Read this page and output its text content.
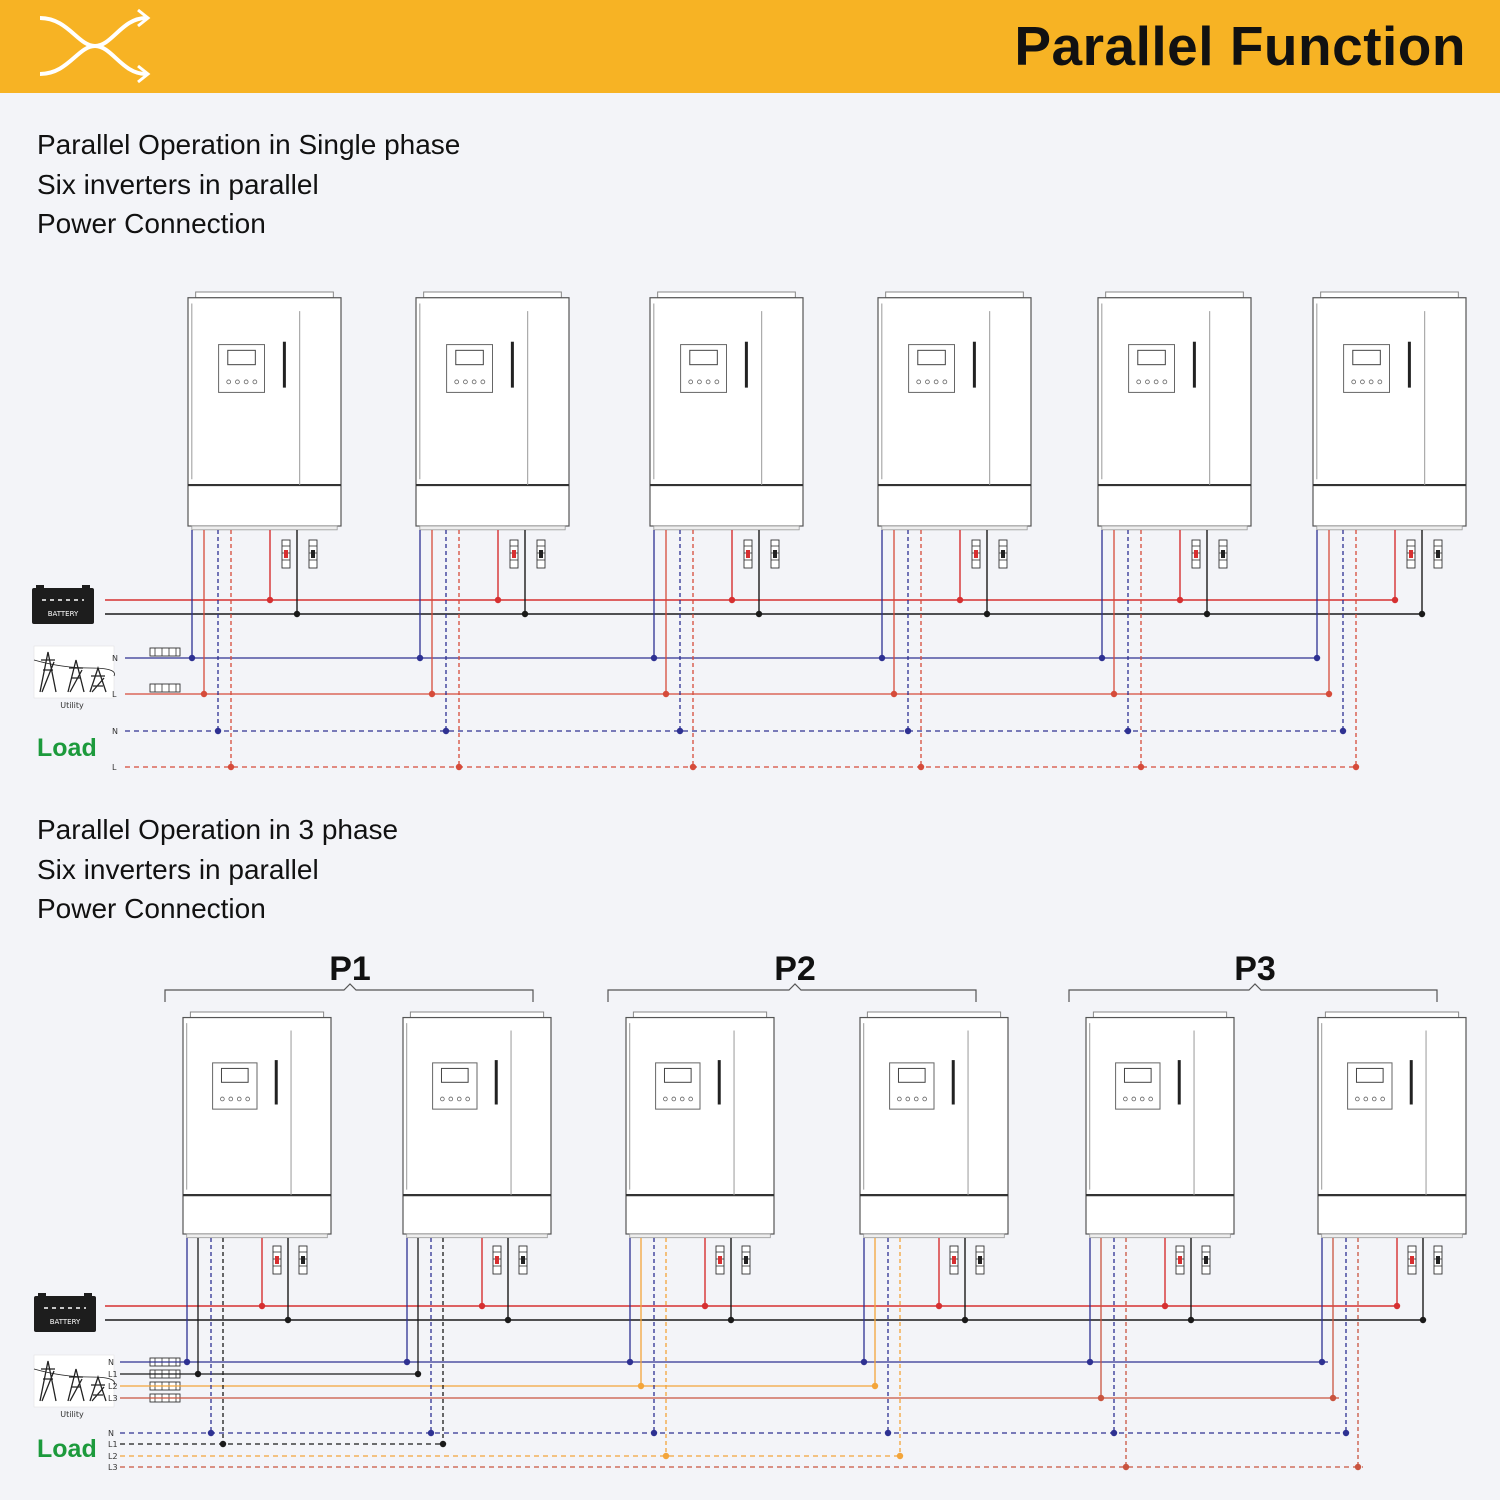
Parallel Function
Parallel Operation in Single phase
Six inverters in parallel
Power Connection
Parallel Operation in 3 phase
Six inverters in parallel
Power Connection
BATTERY
Utility
Load
N
L
N
L
P1	P2	P3
BATTERY
Utility
Load
N
N
L1
L1
L2
L2
L3
L3
